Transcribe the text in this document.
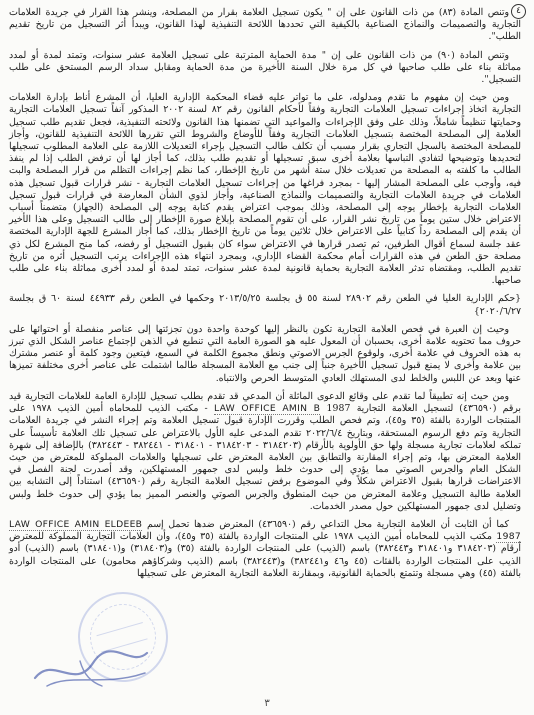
٤

وتنص المادة (٨٣) من ذات القانون على إن " يكون تسجيل العلامة بقرار من المصلحة، وينشر هذا القرار في جريدة العلامات التجارية والتصميمات والنماذج الصناعية بالكيفية التي تحددها اللائحة التنفيذية لهذا القانون، ويبدأ أثر التسجيل من تاريخ تقديم الطلب".

وتنص المادة (٩٠) من ذات القانون على إن " مدة الحماية المترتبة على تسجيل العلامة عشر سنوات، وتمتد لمدة أو لمدد مماثلة بناء على طلب صاحبها في كل مرة خلال السنة الأخيرة من مدة الحماية ومقابل سداد الرسم المستحق على طلب التسجيل".

ومن حيث إن مفهوم ما تقدم ومدلوله، على ما تواتر عليه قضاء المحكمة الإدارية العليا، أن المشرع أناط بإدارة العلامات التجارية اتخاذ إجراءات تسجيل العلامات التجارية وفقاً لأحكام القانون رقم ٨٢ لسنة ٢٠٠٢ المذكور آنفاً تسجيل العلامات التجارية وحمايتها تنظيماً شاملاً، وذلك على وفق الإجراءات والمواعيد التي تضمنها هذا القانون ولائحته التنفيذية، فجعل تقديم طلب تسجيل العلامة إلى المصلحة المختصة بتسجيل العلامات التجارية وفقاً للأوضاع والشروط التي تقررها اللائحة التنفيذية للقانون، وأجاز للمصلحة المختصة بالسجل التجاري بقرار مسبب أن تكلف طالب التسجيل بإجراء التعديلات اللازمة على العلامة المطلوب تسجيلها لتحديدها وتوضيحها لتفادي التباسها بعلامة أخرى سبق تسجيلها أو تقديم طلب بذلك، كما أجاز لها أن ترفض الطلب إذا لم ينفذ الطالب ما كلفته به المصلحة من تعديلات خلال ستة أشهر من تاريخ الإخطار، كما نظم إجراءات التظلم من قرار المصلحة والبت فيه، وأوجب على المصلحة المشار إليها - بمجرد فراغها من إجراءات تسجيل العلامات التجارية - نشر قرارات قبول تسجيل هذه العلامات في جريدة العلامات التجارية والتصميمات والنماذج الصناعية، وأجاز لذوي الشأن المعارضة في قرارات قبول تسجيل العلامات التجارية بإخطار يوجه إلى المصلحة، وذلك بموجب اعتراض يقدم كتابة يوجه إلى المصلحة (الجهاز) متضمناً أسباب الاعتراض خلال ستين يوماً من تاريخ نشر القرار، على أن تقوم المصلحة بإبلاغ صورة الإخطار إلى طالب التسجيل وعلى هذا الأخير أن يقدم إلى المصلحة رداً كتابياً على الاعتراض خلال ثلاثين يوماً من تاريخ الإخطار بذلك، كما أجاز المشرع للجهة الإدارية المختصة عقد جلسة لسماع أقوال الطرفين، ثم تصدر قرارها في الاعتراض سواء كان بقبول التسجيل أو رفضه، كما منح المشرع لكل ذي مصلحة حق الطعن في هذه القرارات أمام محكمة القضاء الإداري، وبمجرد انتهاء هذه الإجراءات يرتب التسجيل أثره من تاريخ تقديم الطلب، ومقتضاه تدثر العلامة التجارية بحماية قانونية لمدة عشر سنوات، تمتد لمدة أو لمدد أخرى مماثلة بناء على طلب صاحبها.

{حكم الإدارية العليا في الطعن رقم ٢٨٩٠٢ لسنة ٥٥ ق بجلسة ٢٠١٣/٥/٢٥ وحكمها في الطعن رقم ٤٤٩٣٣ لسنة ٦٠ ق بجلسة ٢٠٢٠/٦/٢٧}

وحيث إن العبرة في فحص العلامة التجارية تكون بالنظر إليها كوحدة واحدة دون تجزئتها إلى عناصر منفصلة أو احتوائها على حروف مما تحتويه علامة أخرى، بحسبان أن المعول عليه هو الصورة العامة التي تنطبع في الذهن لإجتماع عناصر الشكل الذي تبرز به هذه الحروف في علامة أخرى، ولوقوع الجرس الاصوتي ونطق مجموع الكلمة في السمع، فيتعين وجود كلمة أو عنصر مشترك بين علامة وأخرى لا يمنع قبول تسجيل الأخيرة جنباً إلى جنب مع العلامة المسجلة طالما اشتملت على عناصر أخرى مختلفة تميزها عنها وبعد عن اللبس والخلط لدى المستهلك العادي المتوسط الحرص والانتباه.

ومن حيث إنه تطبيقاً لما تقدم على وقائع الدعوى الماثلة أن المدعي قد تقدم بطلب تسجيل للإدارة العامة للعلامات التجارية قيد برقم (٤٣٦٥٩٠) لتسجيل العلامة التجارية LAW OFFICE AMIN B 1987 - مكتب الذيب للمحاماه أمين الذيب ١٩٧٨ على المنتجات الواردة بالفئة (٣٥ و٤٥)، وتم فحص الطلب وقررت الإدارة قبول تسجيل العلامة وتم إجراء النشر في جريدة العلامات التجارية وتم دفع الرسوم المستحقة، وبتاريخ ٢٠٢٢/٦/٤ تقدم المدعى عليه الأول بالاعتراض على تسجيل تلك العلامة تأسيساً على تملكه لعلامات تجارية مسجلة ولها حق الأولوية بالأرقام (٣١٨٤٢٠٣ - ٣١٨٤٢٠٣ - ٣١٨٤٠١ - ٣٨٢٤٤١ - ٣٨٢٤٤٣) بالإضافة إلى شهرة العلامة المعترض بها، وتم إجراء المقارنة والتطابق بين العلامة المعترض على تسجيلها والعلامات المملوكة للمعترض من حيث الشكل العام والجرس الصوتي مما يؤدي إلى حدوث خلط ولبس لدى جمهور المستهلكين، وقد أصدرت لجنة الفصل في الاعتراضات قرارها بقبول الاعتراض شكلاً وفي الموضوع برفض تسجيل العلامة التجارية رقم (٤٣٦٥٩٠) استناداً إلى التشابه بين العلامة طالبة التسجيل وعلامة المعترض من حيث المنطوق والجرس الصوتي والعنصر المميز بما يؤدي إلى حدوث خلط ولبس وتضليل لدى جمهور المستهلكين حول مصدر الخدمات.

كما أن الثابت أن العلامة التجارية محل التداعي رقم (٤٣٦٥٩٠) المعترض ضدها تحمل إسم LAW OFFICE AMIN ELDEEB 1987 مكتب الذيب للمحاماه أمين الذيب ١٩٧٨ على المنتجات الواردة بالفئة (٣٥ و٤٥)، وأن العلامات التجارية المملوكة للمعترض أرقام (٣١٨٤٢٠٣ و٣١٨٤٠١ و٣٨٢٤٤٣) باسم (الذيب) على المنتجات الواردة بالفئة (٣٥) و(٣١٨٤٠٣) و(٣١٨٤٠١) باسم (الذيب) أدو الذيب على المنتجات الواردة بالفئات (٤٥ و٤٦ و٣٨٢٤٤١) و(٣٨٢٤٤٣) باسم (الذيب وشركاؤهم محامون) على المنتجات الواردة بالفئة (٤٥) وهي مسجلة وتتمتع بالحماية القانونية، وبمقارنة العلامة التجارية المعترض على تسجيلها

٣
